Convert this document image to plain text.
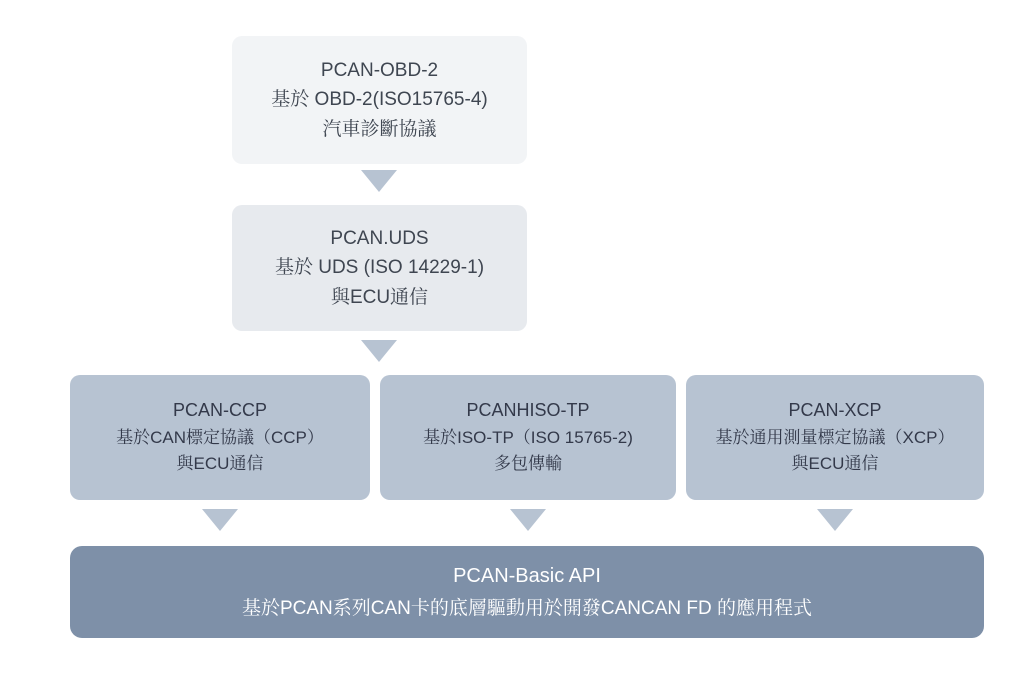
PCAN-OBD-2
基於 OBD-2(ISO15765-4)
汽車診斷協議
PCAN.UDS
基於 UDS (ISO 14229-1)
與ECU通信
PCAN-CCP
基於CAN標定協議（CCP）
與ECU通信
PCANHISO-TP
基於ISO-TP（ISO 15765-2)
多包傳輸
PCAN-XCP
基於通用測量標定協議（XCP）
與ECU通信
PCAN-Basic API
基於PCAN系列CAN卡的底層驅動用於開發CANCAN FD 的應用程式
